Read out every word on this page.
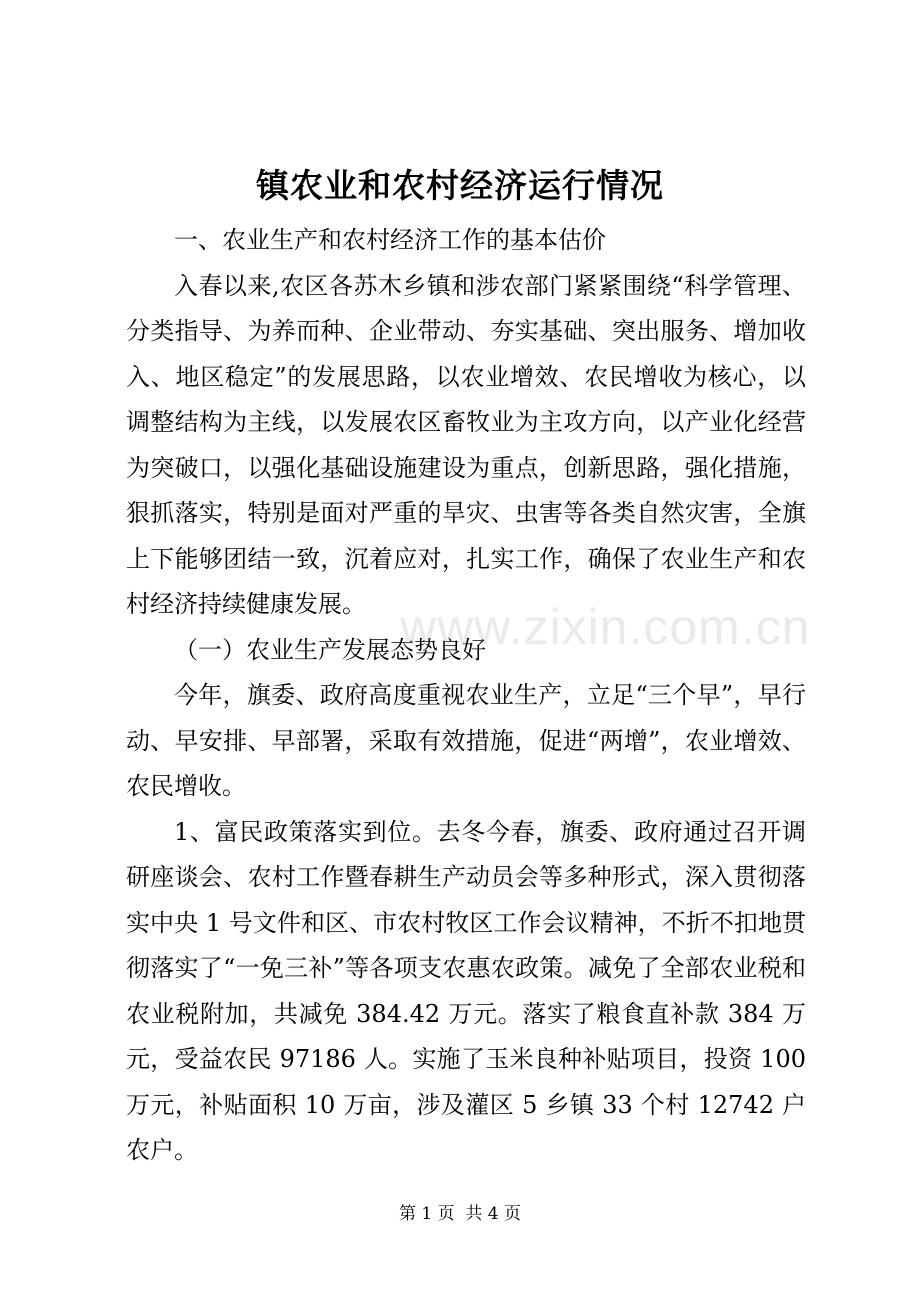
镇农业和农村经济运行情况

一、农业生产和农村经济工作的基本估价

入春以来,农区各苏木乡镇和涉农部门紧紧围绕“科学管理、分类指导、为养而种、企业带动、夯实基础、突出服务、增加收入、地区稳定”的发展思路，以农业增效、农民增收为核心，以调整结构为主线，以发展农区畜牧业为主攻方向，以产业化经营为突破口，以强化基础设施建设为重点，创新思路，强化措施，狠抓落实，特别是面对严重的旱灾、虫害等各类自然灾害，全旗上下能够团结一致，沉着应对，扎实工作，确保了农业生产和农村经济持续健康发展。

（一）农业生产发展态势良好

今年，旗委、政府高度重视农业生产，立足“三个早”，早行动、早安排、早部署，采取有效措施，促进“两增”，农业增效、农民增收。

1、富民政策落实到位。去冬今春，旗委、政府通过召开调研座谈会、农村工作暨春耕生产动员会等多种形式，深入贯彻落实中央 1 号文件和区、市农村牧区工作会议精神，不折不扣地贯彻落实了“一免三补”等各项支农惠农政策。减免了全部农业税和农业税附加，共减免 384.42 万元。落实了粮食直补款 384 万元，受益农民 97186 人。实施了玉米良种补贴项目，投资 100 万元，补贴面积 10 万亩，涉及灌区 5 乡镇 33 个村 12742 户农户。

www.zixin.com.cn
第 1 页  共 4 页
